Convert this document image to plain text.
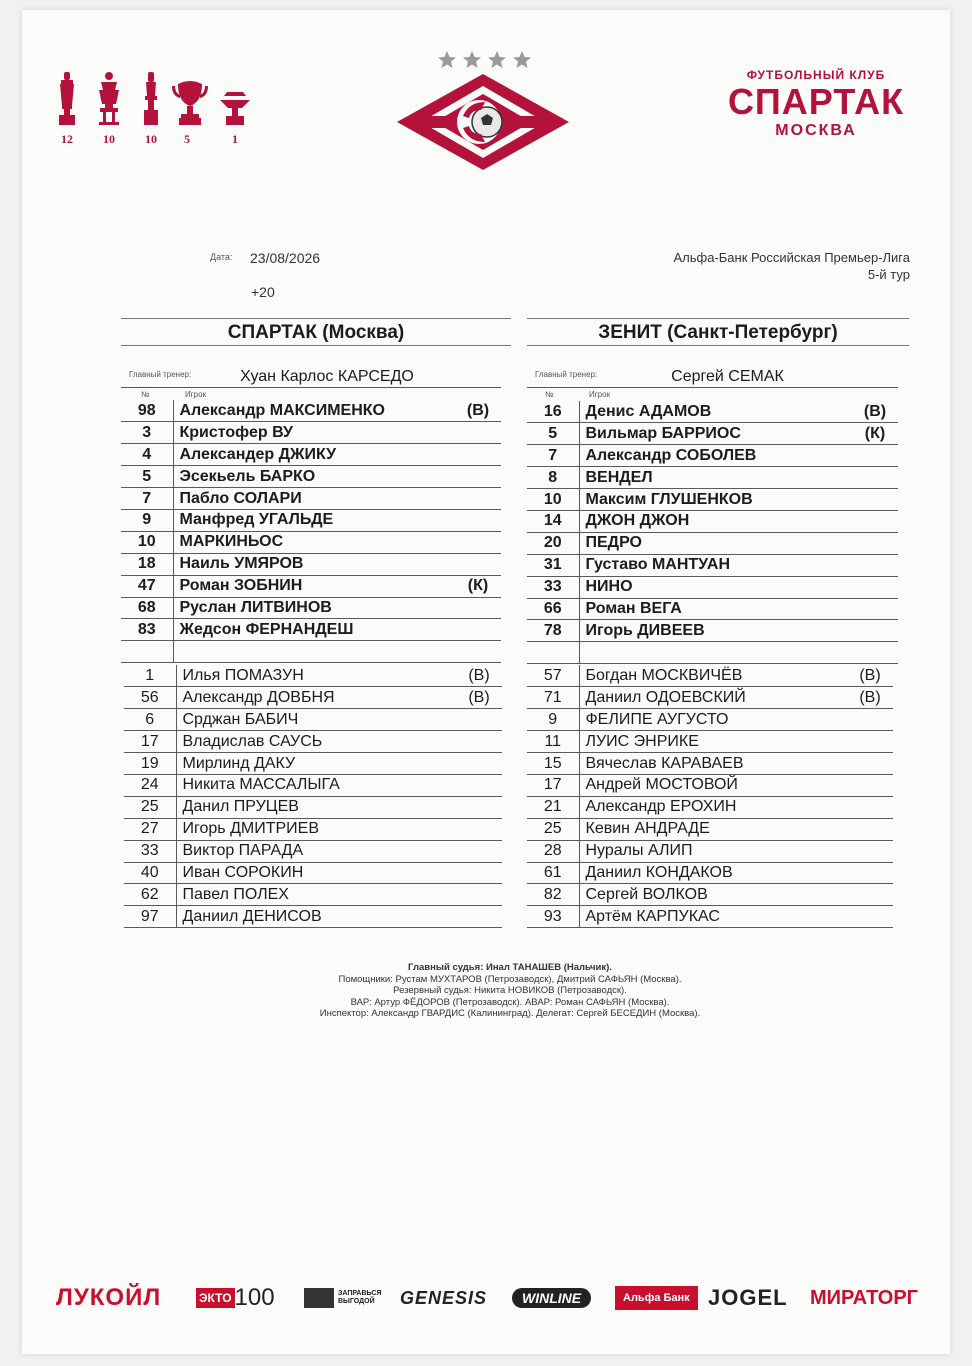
12	10	10	5	1
ФУТБОЛЬНЫЙ КЛУБ
СПАРТАК
МОСКВА
Дата: 23/08/2026
+20
Альфа-Банк Российская Премьер-Лига
5-й тур
СПАРТАК (Москва)	ЗЕНИТ (Санкт-Петербург)
Главный тренер:	Хуан Карлос КАРСЕДО	Главный тренер:	Сергей СЕМАК
№	Игрок	№	Игрок
98	Александр МАКСИМЕНКО	(В)
3	Кристофер ВУ	
4	Александер ДЖИКУ	
5	Эсекьель БАРКО	
7	Пабло СОЛАРИ	
9	Манфред УГАЛЬДЕ	
10	МАРКИНЬОС	
18	Наиль УМЯРОВ	
47	Роман ЗОБНИН	(К)
68	Руслан ЛИТВИНОВ	
83	Жедсон ФЕРНАНДЕШ	

1	Илья ПОМАЗУН	(В)
56	Александр ДОВБНЯ	(В)
6	Срджан БАБИЧ	
17	Владислав САУСЬ	
19	Мирлинд ДАКУ	
24	Никита МАССАЛЫГА	
25	Данил ПРУЦЕВ	
27	Игорь ДМИТРИЕВ	
33	Виктор ПАРАДА	
40	Иван СОРОКИН	
62	Павел ПОЛЕХ	
97	Даниил ДЕНИСОВ	
16	Денис АДАМОВ	(В)
5	Вильмар БАРРИОС	(К)
7	Александр СОБОЛЕВ	
8	ВЕНДЕЛ	
10	Максим ГЛУШЕНКОВ	
14	ДЖОН ДЖОН	
20	ПЕДРО	
31	Густаво МАНТУАН	
33	НИНО	
66	Роман ВЕГА	
78	Игорь ДИВЕЕВ	

57	Богдан МОСКВИЧЁВ	(В)
71	Даниил ОДОЕВСКИЙ	(В)
9	ФЕЛИПЕ АУГУСТО	
11	ЛУИС ЭНРИКЕ	
15	Вячеслав КАРАВАЕВ	
17	Андрей МОСТОВОЙ	
21	Александр ЕРОХИН	
25	Кевин АНДРАДЕ	
28	Нуралы АЛИП	
61	Даниил КОНДАКОВ	
82	Сергей ВОЛКОВ	
93	Артём КАРПУКАС	
Главный судья: Инал ТАНАШЕВ (Нальчик).
Помощники: Рустам МУХТАРОВ (Петрозаводск), Дмитрий САФЬЯН (Москва).
Резервный судья: Никита НОВИКОВ (Петрозаводск).
ВАР: Артур ФЁДОРОВ (Петрозаводск). АВАР: Роман САФЬЯН (Москва).
Инспектор: Александр ГВАРДИС (Калининград). Делегат: Сергей БЕСЕДИН (Москва).
ЛУКОЙЛ	ЭКТО 100	ЗАПРАВЬСЯ
ВЫГОДОЙ	GENESIS	WINLINE	Альфа Банк JOGEL МИРАТОРГ
